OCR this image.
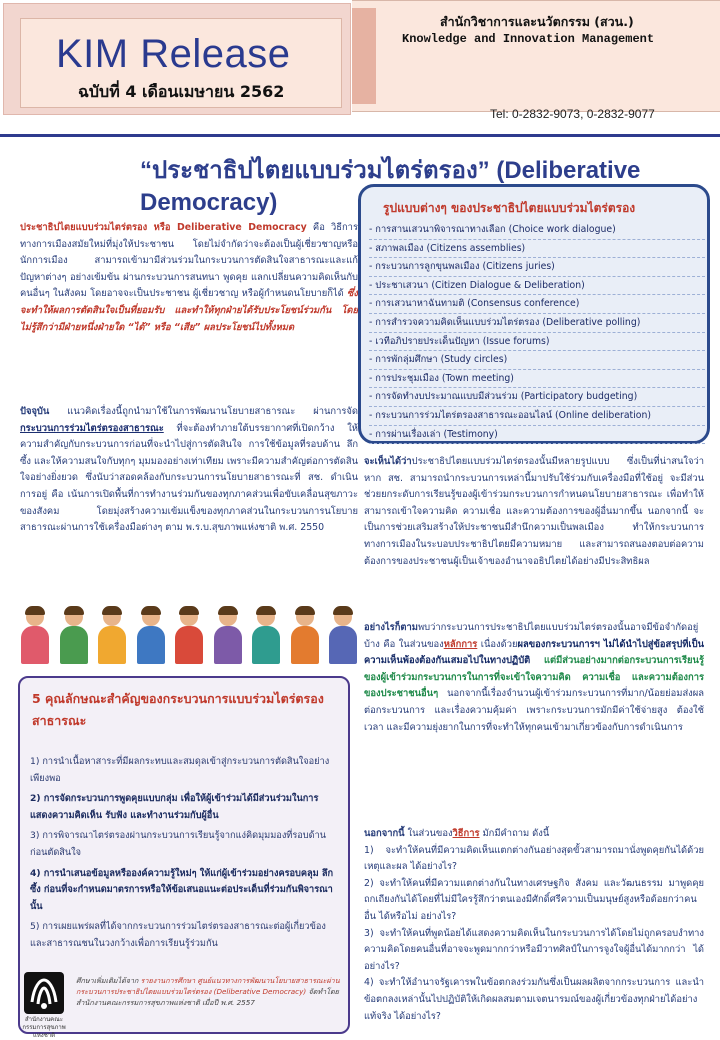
KIM Release
ฉบับที่ 4 เดือนเมษายน 2562
สำนักวิชาการและนวัตกรรม (สวน.)
Knowledge and Innovation Management
Tel: 0-2832-9073, 0-2832-9077
“ประชาธิปไตยแบบร่วมไตร่ตรอง” (Deliberative Democracy)
ประชาธิปไตยแบบร่วมไตร่ตรอง หรือ Deliberative Democracy คือ วิธีการทางการเมืองสมัยใหม่ที่มุ่งให้ประชาชน โดยไม่จำกัดว่าจะต้องเป็นผู้เชี่ยวชาญหรือนักการเมือง สามารถเข้ามามีส่วนร่วมในกระบวนการตัดสินใจสาธารณะและแก้ปัญหาต่างๆ อย่างเข้มข้น ผ่านกระบวนการสนทนา พูดคุย แลกเปลี่ยนความคิดเห็นกับคนอื่นๆ ในสังคม โดยอาจจะเป็นประชาชน ผู้เชี่ยวชาญ หรือผู้กำหนดนโยบายก็ได้ ซึ่งจะทำให้ผลการตัดสินใจเป็นที่ยอมรับ และทำให้ทุกฝ่ายได้รับประโยชน์ร่วมกัน โดยไม่รู้สึกว่ามีฝ่ายหนึ่งฝ่ายใด “ได้” หรือ “เสีย” ผลประโยชน์ไปทั้งหมด
ปัจจุบัน แนวคิดเรื่องนี้ถูกนำมาใช้ในการพัฒนานโยบายสาธารณะ ผ่านการจัดกระบวนการร่วมไตร่ตรองสาธารณะ ที่จะต้องทำภายใต้บรรยากาศที่เปิดกว้าง ให้ความสำคัญกับกระบวนการก่อนที่จะนำไปสู่การตัดสินใจ การใช้ข้อมูลที่รอบด้าน ลึกซึ้ง และให้ความสนใจกับทุกๆ มุมมองอย่างเท่าเทียม เพราะมีความสำคัญต่อการตัดสินใจอย่างยิ่งยวด ซึ่งนับว่าสอดคล้องกับกระบวนการนโยบายสาธารณะที่ สช. ดำเนินการอยู่ คือ เน้นการเปิดพื้นที่การทำงานร่วมกันของทุกภาคส่วนเพื่อขับเคลื่อนสุขภาวะของสังคม โดยมุ่งสร้างความเข้มแข็งของทุกภาคส่วนในกระบวนการนโยบายสาธารณะผ่านการใช้เครื่องมือต่างๆ ตาม พ.ร.บ.สุขภาพแห่งชาติ พ.ศ. 2550
5 คุณลักษณะสำคัญของกระบวนการแบบร่วมไตร่ตรองสาธารณะ
1) การนำเนื้อหาสาระที่มีผลกระทบและสมดุลเข้าสู่กระบวนการตัดสินใจอย่างเพียงพอ
2) การจัดกระบวนการพูดคุยแบบกลุ่ม เพื่อให้ผู้เข้าร่วมได้มีส่วนร่วมในการแสดงความคิดเห็น รับฟัง และทำงานร่วมกับผู้อื่น
3) การพิจารณาไตร่ตรองผ่านกระบวนการเรียนรู้จากแง่คิดมุมมองที่รอบด้านก่อนตัดสินใจ
4) การนำเสนอข้อมูลหรือองค์ความรู้ใหม่ๆ ให้แก่ผู้เข้าร่วมอย่างครอบคลุม ลึกซึ้ง ก่อนที่จะกำหนดมาตรการหรือให้ข้อเสนอแนะต่อประเด็นที่ร่วมกันพิจารณานั้น
5) การเผยแพร่ผลที่ได้จากกระบวนการร่วมไตร่ตรองสาธารณะต่อผู้เกี่ยวข้อง และสาธารณชนในวงกว้างเพื่อการเรียนรู้ร่วมกัน
สำนักงานคณะกรรมการสุขภาพแห่งชาติ
ศึกษาเพิ่มเติมได้จาก รายงานการศึกษา ศูนย์แนวทางการพัฒนานโยบายสาธารณะผ่านกระบวนการประชาธิปไตยแบบร่วมไตร่ตรอง (Deliberative Democracy) จัดทำโดย สำนักงานคณะกรรมการสุขภาพแห่งชาติ เมื่อปี พ.ศ. 2557
รูปแบบต่างๆ ของประชาธิปไตยแบบร่วมไตร่ตรอง
- การสานเสวนาพิจารณาทางเลือก (Choice work dialogue)
- สภาพลเมือง (Citizens assemblies)
- กระบวนการลูกขุนพลเมือง (Citizens juries)
- ประชาเสวนา (Citizen Dialogue & Deliberation)
- การเสวนาหาฉันทามติ (Consensus conference)
- การสำรวจความคิดเห็นแบบร่วมไตร่ตรอง (Deliberative polling)
- เวทีอภิปรายประเด็นปัญหา (Issue forums)
- การพักลุ่มศึกษา (Study circles)
- การประชุมเมือง (Town meeting)
- การจัดทำงบประมาณแบบมีส่วนร่วม (Participatory budgeting)
- กระบวนการร่วมไตร่ตรองสาธารณะออนไลน์ (Online deliberation)
- การผ่านเรื่องเล่า (Testimony)
จะเห็นได้ว่าประชาธิปไตยแบบร่วมไตร่ตรองนั้นมีหลายรูปแบบ ซึ่งเป็นที่น่าสนใจว่า หาก สช. สามารถนำกระบวนการเหล่านี้มาปรับใช้ร่วมกับเครื่องมือที่ใช้อยู่ จะมีส่วนช่วยยกระดับการเรียนรู้ของผู้เข้าร่วมกระบวนการกำหนดนโยบายสาธารณะ เพื่อทำให้สามารถเข้าใจความคิด ความเชื่อ และความต้องการของผู้อื่นมากขึ้น นอกจากนี้ จะเป็นการช่วยเสริมสร้างให้ประชาชนมีสำนึกความเป็นพลเมือง ทำให้กระบวนการทางการเมืองในระบอบประชาธิปไตยมีความหมาย และสามารถสนองตอบต่อความต้องการของประชาชนผู้เป็นเจ้าของอำนาจอธิปไตยได้อย่างมีประสิทธิผล
อย่างไรก็ตามพบว่ากระบวนการประชาธิปไตยแบบร่วมไตร่ตรองนั้นอาจมีข้อจำกัดอยู่บ้าง คือ ในส่วนของหลักการ เนื่องด้วยผลของกระบวนการฯ ไม่ได้นำไปสู่ข้อสรุปที่เป็นความเห็นพ้องต้องกันเสมอไปในทางปฏิบัติ แต่มีส่วนอย่างมากต่อกระบวนการเรียนรู้ของผู้เข้าร่วมกระบวนการในการที่จะเข้าใจความคิด ความเชื่อ และความต้องการของประชาชนอื่นๆ นอกจากนี้เรื่องจำนวนผู้เข้าร่วมกระบวนการที่มาก/น้อยย่อมส่งผลต่อกระบวนการ และเรื่องความคุ้มค่า เพราะกระบวนการมักมีค่าใช้จ่ายสูง ต้องใช้เวลา และมีความยุ่งยากในการที่จะทำให้ทุกคนเข้ามาเกี่ยวข้องกับการดำเนินการ
นอกจากนี้ ในส่วนของวิธีการ มักมีคำถาม ดังนี้
1) จะทำให้คนที่มีความคิดเห็นแตกต่างกันอย่างสุดขั้วสามารถมานั่งพูดคุยกันได้ด้วยเหตุและผล ได้อย่างไร?
2) จะทำให้คนที่มีความแตกต่างกันในทางเศรษฐกิจ สังคม และวัฒนธรรม มาพูดคุยถกเถียงกันได้โดยที่ไม่มีใครรู้สึกว่าตนเองมีศักดิ์ศรีความเป็นมนุษย์สูงหรือด้อยกว่าคนอื่น ได้หรือไม่ อย่างไร?
3) จะทำให้คนที่พูดน้อยได้แสดงความคิดเห็นในกระบวนการได้โดยไม่ถูกครอบงำทางความคิดโดยคนอื่นที่อาจจะพูดมากกว่าหรือมีวาทศิลป์ในการจูงใจผู้อื่นได้มากกว่า ได้อย่างไร?
4) จะทำให้อำนาจรัฐเคารพในข้อตกลงร่วมกันซึ่งเป็นผลผลิตจากกระบวนการ และนำข้อตกลงเหล่านั้นไปปฏิบัติให้เกิดผลสมตามเจตนารมณ์ของผู้เกี่ยวข้องทุกฝ่ายได้อย่างแท้จริง ได้อย่างไร?
